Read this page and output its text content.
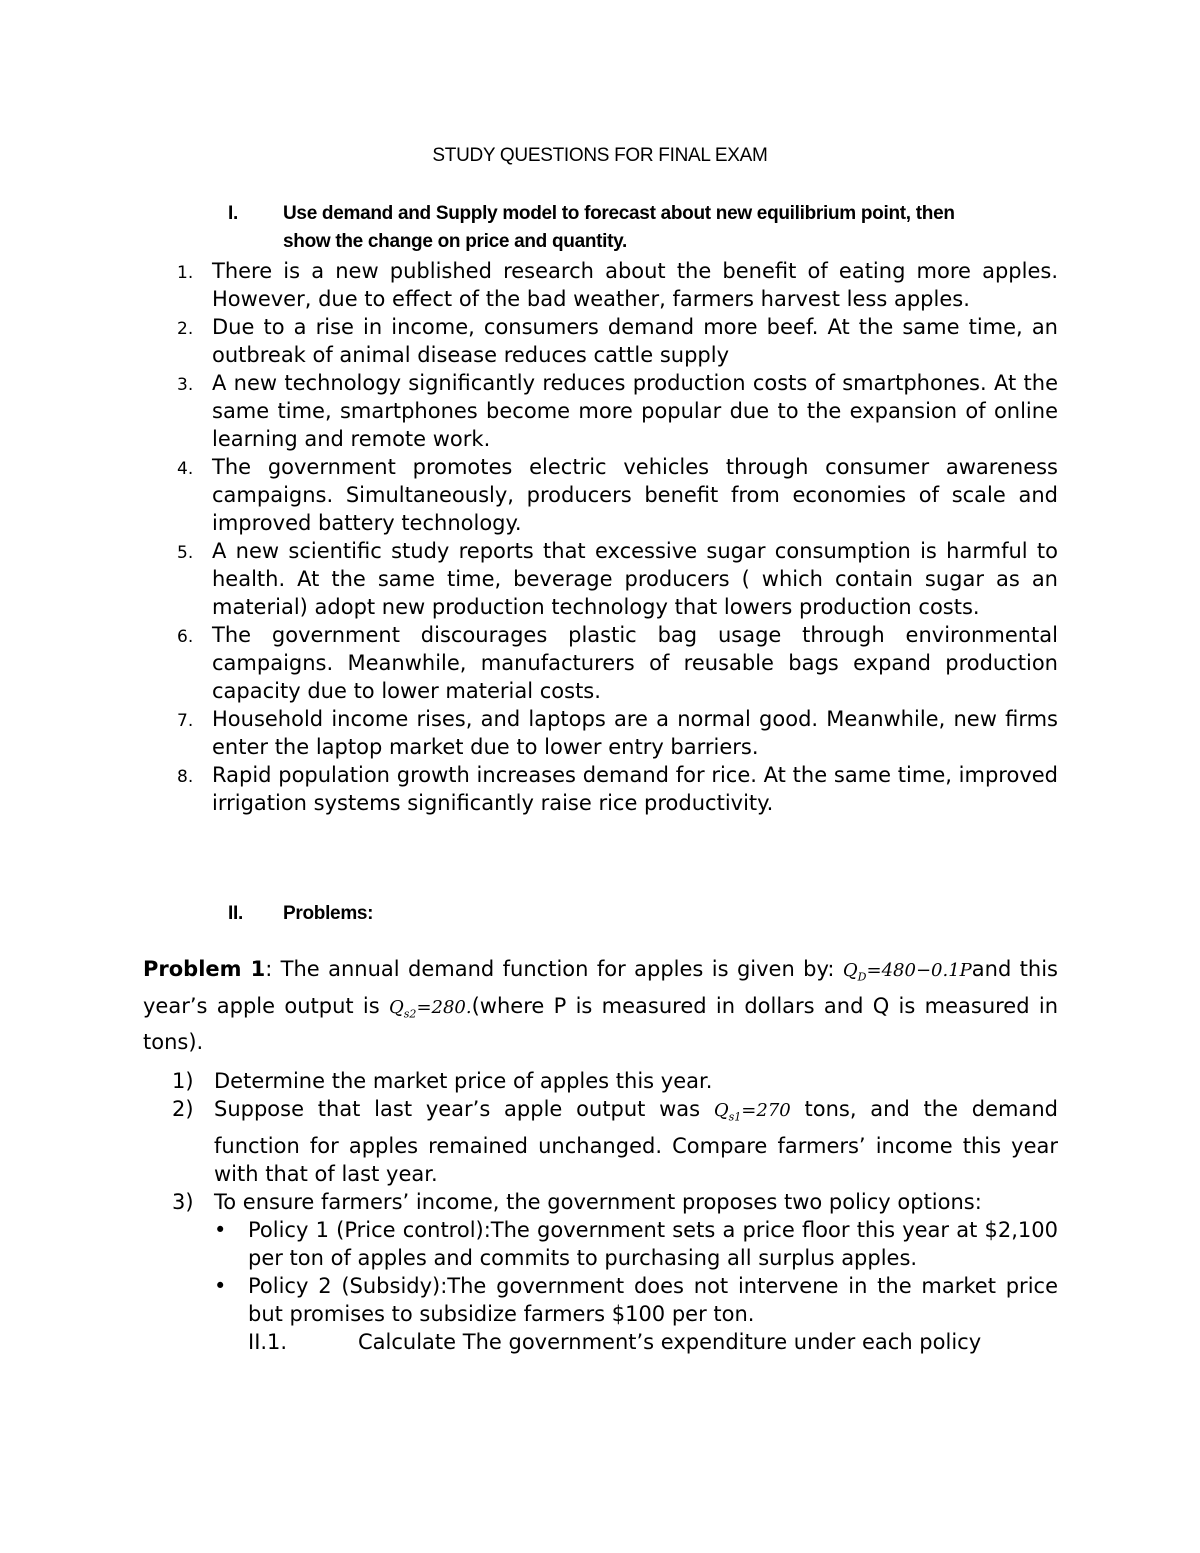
STUDY QUESTIONS FOR FINAL EXAM
I. Use demand and Supply model to forecast about new equilibrium point, then
show the change on price and quantity.
1. There is a new published research about the benefit of eating more apples. However, due to effect of the bad weather, farmers harvest less apples.
2. Due to a rise in income, consumers demand more beef. At the same time, an outbreak of animal disease reduces cattle supply
3. A new technology significantly reduces production costs of smartphones. At the same time, smartphones become more popular due to the expansion of online learning and remote work.
4. The government promotes electric vehicles through consumer awareness campaigns. Simultaneously, producers benefit from economies of scale and improved battery technology.
5. A new scientific study reports that excessive sugar consumption is harmful to health. At the same time, beverage producers ( which contain sugar as an material) adopt new production technology that lowers production costs.
6. The government discourages plastic bag usage through environmental campaigns. Meanwhile, manufacturers of reusable bags expand production capacity due to lower material costs.
7. Household income rises, and laptops are a normal good. Meanwhile, new firms enter the laptop market due to lower entry barriers.
8. Rapid population growth increases demand for rice. At the same time, improved irrigation systems significantly raise rice productivity.
II. Problems:
Problem 1: The annual demand function for apples is given by: $Q_D=480-0.1Pand$ this year’s apple output is $Q_{s2}=280.(where$ P is measured in dollars and Q is measured in tons).
1) Determine the market price of apples this year.
2) Suppose that last year’s apple output was $Q_{s1}=270$ tons, and the demand function for apples remained unchanged. Compare farmers’ income this year with that of last year.
3) To ensure farmers’ income, the government proposes two policy options:
• Policy 1 (Price control):The government sets a price floor this year at $2,100 per ton of apples and commits to purchasing all surplus apples.
• Policy 2 (Subsidy):The government does not intervene in the market price but promises to subsidize farmers $100 per ton.
II.1.	Calculate The government’s expenditure under each policy
